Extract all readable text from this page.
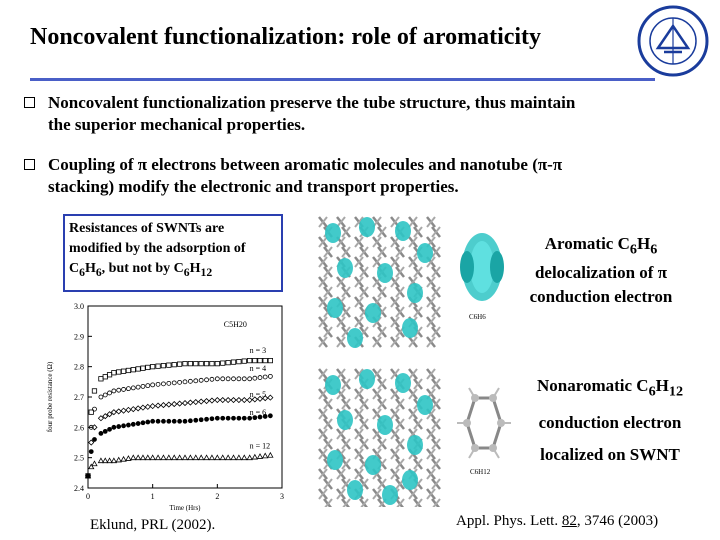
Noncovalent functionalization: role of aromaticity
Noncovalent functionalization preserve the tube structure, thus maintain
the superior mechanical properties.
Coupling of π electrons between aromatic molecules and nanotube (π-π
stacking) modify the electronic and transport properties.
Resistances of SWNTs are modified by the adsorption of $C_6H_6$, but not by $C_6H_{12}$
2.4
2.5
2.6
2.7
2.8
2.9
3.0
0	1	2	3
Time (Hrs)
four probe resistance (Ω)
C5H20
n = 3
n = 4
n = 5
n = 6
n = 12
C6H6
C6H12
Aromatic $C_6H_6$
delocalization of π
conduction electron
Nonaromatic $C_6H_{12}$
conduction electron
localized on SWNT
Eklund, PRL (2002).	Appl. Phys. Lett. 82, 3746 (2003)
